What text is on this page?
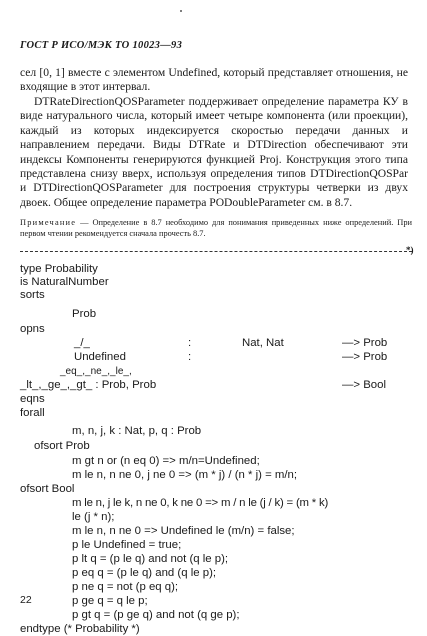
ГОСТ Р ИСО/МЭК ТО 10023—93
сел [0, 1] вместе с элементом Undefined, который представляет отношения, не входящие в этот интервал.
DTRateDirectionQOSParameter поддерживает определение параметра КУ в виде натурального числа, который имеет четыре компонента (или проекции), каждый из которых индексируется скоростью передачи данных и направлением передачи. Виды DTRate и DTDirection обеспечивают эти индексы Компоненты генерируются функцией Proj. Конструкция этого типа представлена снизу вверх, используя определения типов DTDirectionQOSPar и DTDirectionQOSParameter для построения структуры четверки из двух двоек. Общее определение параметра PODoubleParameter см. в 8.7.
Примечание — Определение в 8.7 необходимо для понимания приведенных ниже определений. При первом чтении рекомендуется сначала прочесть 8.7.
*)
type Probability
is NaturalNumber
sorts
Prob
opns
_/_	:	Nat, Nat	—> Prob
Undefined	:	—> Prob
_eq_,_ne_,_le_,
_lt_,_ge_,_gt_ : Prob, Prob	—> Bool
eqns
forall
m, n, j, k : Nat, p, q : Prob
ofsort Prob
m gt n or (n eq 0) => m/n=Undefined;
m le n, n ne 0, j ne 0 => (m * j) / (n * j) = m/n;
ofsort Bool
m le n, j le k, n ne 0, k ne 0 => m / n le (j / k) = (m * k)
le (j * n);
m le n, n ne 0 => Undefined le (m/n) = false;
p le Undefined = true;
p lt q = (p le q) and not (q le p);
p eq q = (p le q) and (q le p);
p ne q = not (p eq q);
p ge q = q le p;
p gt q = (p ge q) and not (q ge p);
endtype (* Probability *)
22
